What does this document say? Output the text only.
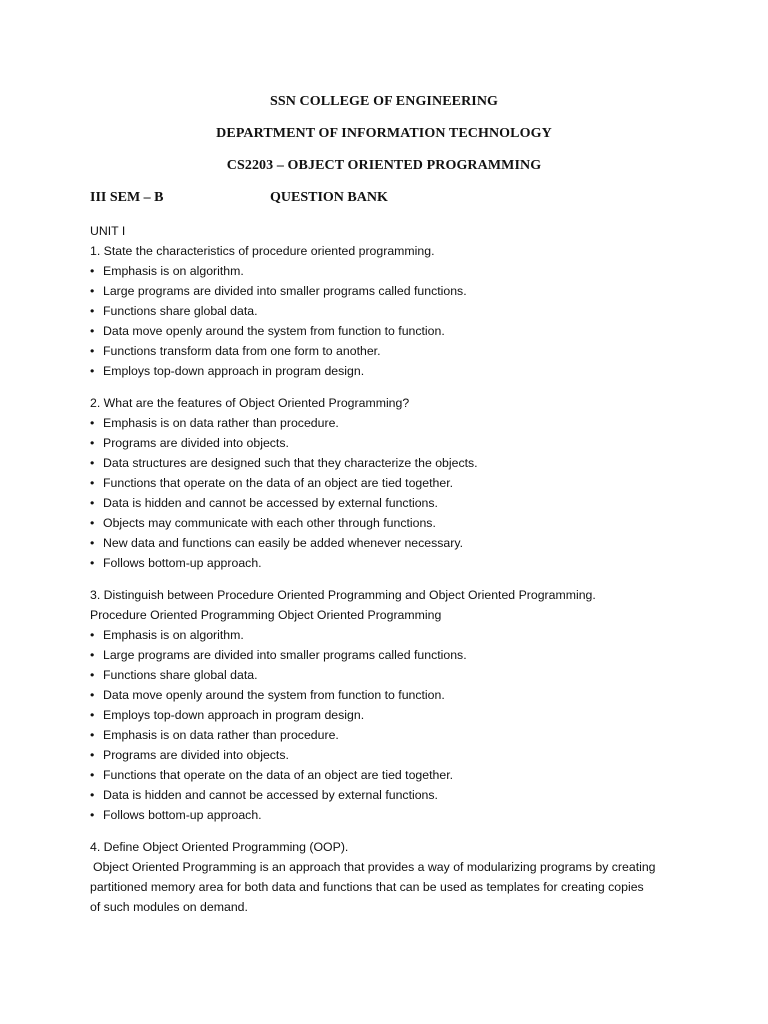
SSN COLLEGE OF ENGINEERING
DEPARTMENT OF INFORMATION TECHNOLOGY
CS2203 – OBJECT ORIENTED PROGRAMMING
III SEM – B	QUESTION BANK
UNIT I
1. State the characteristics of procedure oriented programming.
• Emphasis is on algorithm.
• Large programs are divided into smaller programs called functions.
• Functions share global data.
• Data move openly around the system from function to function.
• Functions transform data from one form to another.
• Employs top-down approach in program design.
2. What are the features of Object Oriented Programming?
• Emphasis is on data rather than procedure.
• Programs are divided into objects.
• Data structures are designed such that they characterize the objects.
• Functions that operate on the data of an object are tied together.
• Data is hidden and cannot be accessed by external functions.
• Objects may communicate with each other through functions.
• New data and functions can easily be added whenever necessary.
• Follows bottom-up approach.
3. Distinguish between Procedure Oriented Programming and Object Oriented Programming.
Procedure Oriented Programming Object Oriented Programming
• Emphasis is on algorithm.
• Large programs are divided into smaller programs called functions.
• Functions share global data.
• Data move openly around the system from function to function.
• Employs top-down approach in program design.
• Emphasis is on data rather than procedure.
• Programs are divided into objects.
• Functions that operate on the data of an object are tied together.
• Data is hidden and cannot be accessed by external functions.
• Follows bottom-up approach.
4. Define Object Oriented Programming (OOP).
Object Oriented Programming is an approach that provides a way of modularizing programs by creating
partitioned memory area for both data and functions that can be used as templates for creating copies
of such modules on demand.
